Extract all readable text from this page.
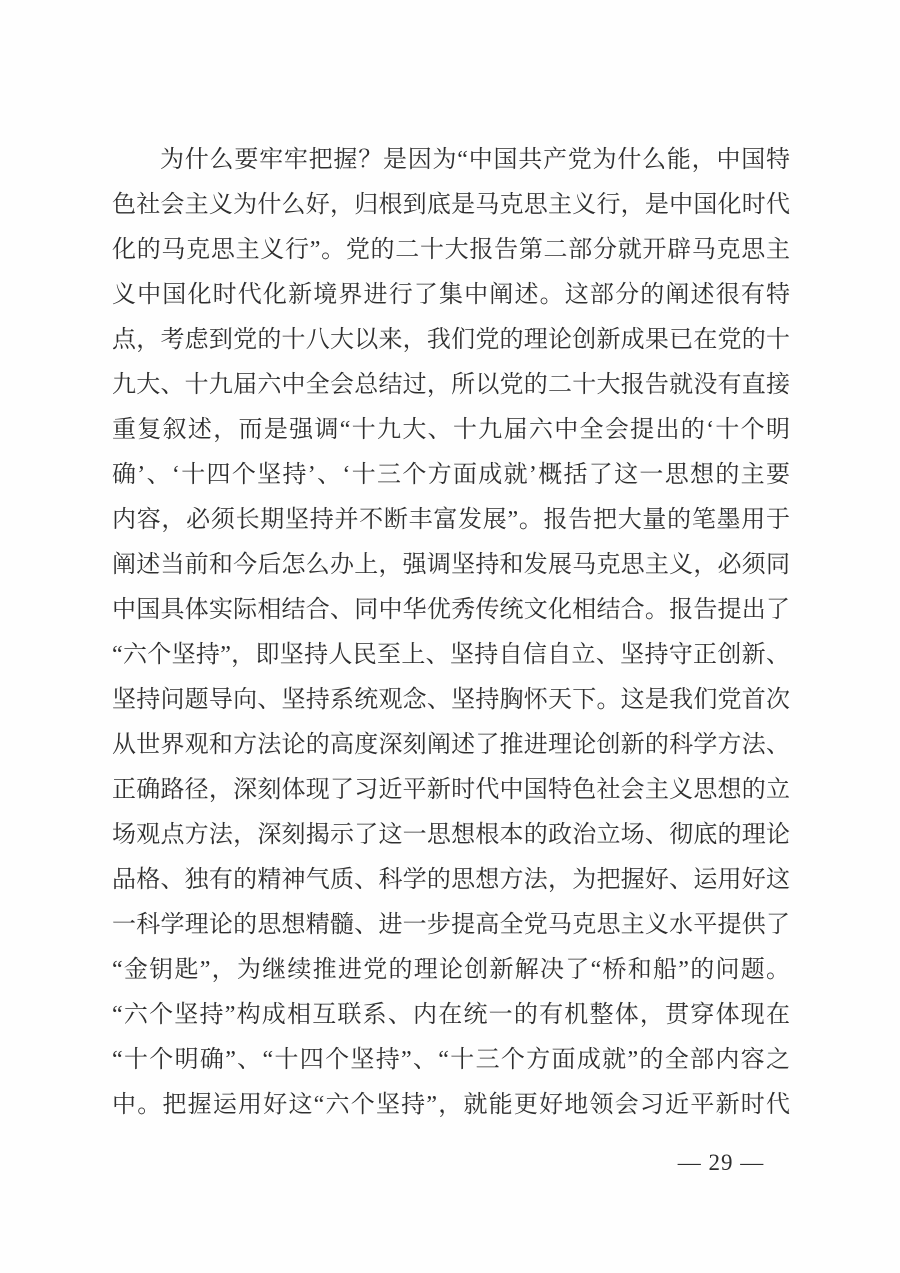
为什么要牢牢把握？是因为“中国共产党为什么能，中国特

色社会主义为什么好，归根到底是马克思主义行，是中国化时代

化的马克思主义行”。党的二十大报告第二部分就开辟马克思主

义中国化时代化新境界进行了集中阐述。这部分的阐述很有特

点，考虑到党的十八大以来，我们党的理论创新成果已在党的十

九大、十九届六中全会总结过，所以党的二十大报告就没有直接

重复叙述，而是强调“十九大、十九届六中全会提出的‘十个明

确’、‘十四个坚持’、‘十三个方面成就’概括了这一思想的主要

内容，必须长期坚持并不断丰富发展”。报告把大量的笔墨用于

阐述当前和今后怎么办上，强调坚持和发展马克思主义，必须同

中国具体实际相结合、同中华优秀传统文化相结合。报告提出了

“六个坚持”，即坚持人民至上、坚持自信自立、坚持守正创新、

坚持问题导向、坚持系统观念、坚持胸怀天下。这是我们党首次

从世界观和方法论的高度深刻阐述了推进理论创新的科学方法、

正确路径，深刻体现了习近平新时代中国特色社会主义思想的立

场观点方法，深刻揭示了这一思想根本的政治立场、彻底的理论

品格、独有的精神气质、科学的思想方法，为把握好、运用好这

一科学理论的思想精髓、进一步提高全党马克思主义水平提供了

“金钥匙”，为继续推进党的理论创新解决了“桥和船”的问题。

“六个坚持”构成相互联系、内在统一的有机整体，贯穿体现在

“十个明确”、“十四个坚持”、“十三个方面成就”的全部内容之

中。把握运用好这“六个坚持”，就能更好地领会习近平新时代

— 29 —
